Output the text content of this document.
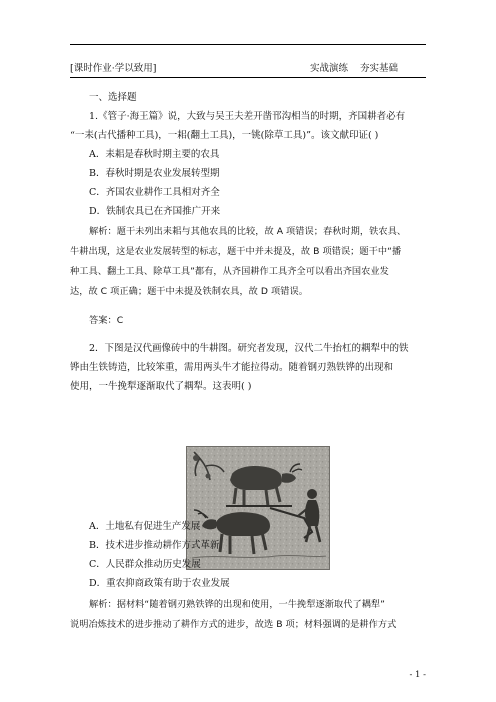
[课时作业·学以致用]	实战演练 夯实基础
一、选择题
1.《管子·海王篇》说，大致与吴王夫差开凿邗沟相当的时期，齐国耕者必有
“一耒(古代播种工具)，一耜(翻土工具)，一铫(除草工具)”。该文献印证( )
A．耒耜是春秋时期主要的农具
B．春秋时期是农业发展转型期
C．齐国农业耕作工具相对齐全
D．铁制农具已在齐国推广开来
解析：题干未列出耒耜与其他农具的比较，故 A 项错误；春秋时期，铁农具、
牛耕出现，这是农业发展转型的标志，题干中并未提及，故 B 项错误；题干中“播
种工具、翻土工具、除草工具”都有，从齐国耕作工具齐全可以看出齐国农业发
达，故 C 项正确；题干中未提及铁制农具，故 D 项错误。
答案：C
2．下图是汉代画像砖中的牛耕图。研究者发现，汉代二牛抬杠的耦犁中的铁
铧由生铁铸造，比较笨重，需用两头牛才能拉得动。随着钢刃熟铁铧的出现和
使用，一牛挽犁逐渐取代了耦犁。这表明( )
A．土地私有促进生产发展
B．技术进步推动耕作方式革新
C．人民群众推动历史发展
D．重农抑商政策有助于农业发展
解析：据材料“随着钢刃熟铁铧的出现和使用，一牛挽犁逐渐取代了耦犁”
说明冶炼技术的进步推动了耕作方式的进步，故选 B 项；材料强调的是耕作方式
- 1 -
